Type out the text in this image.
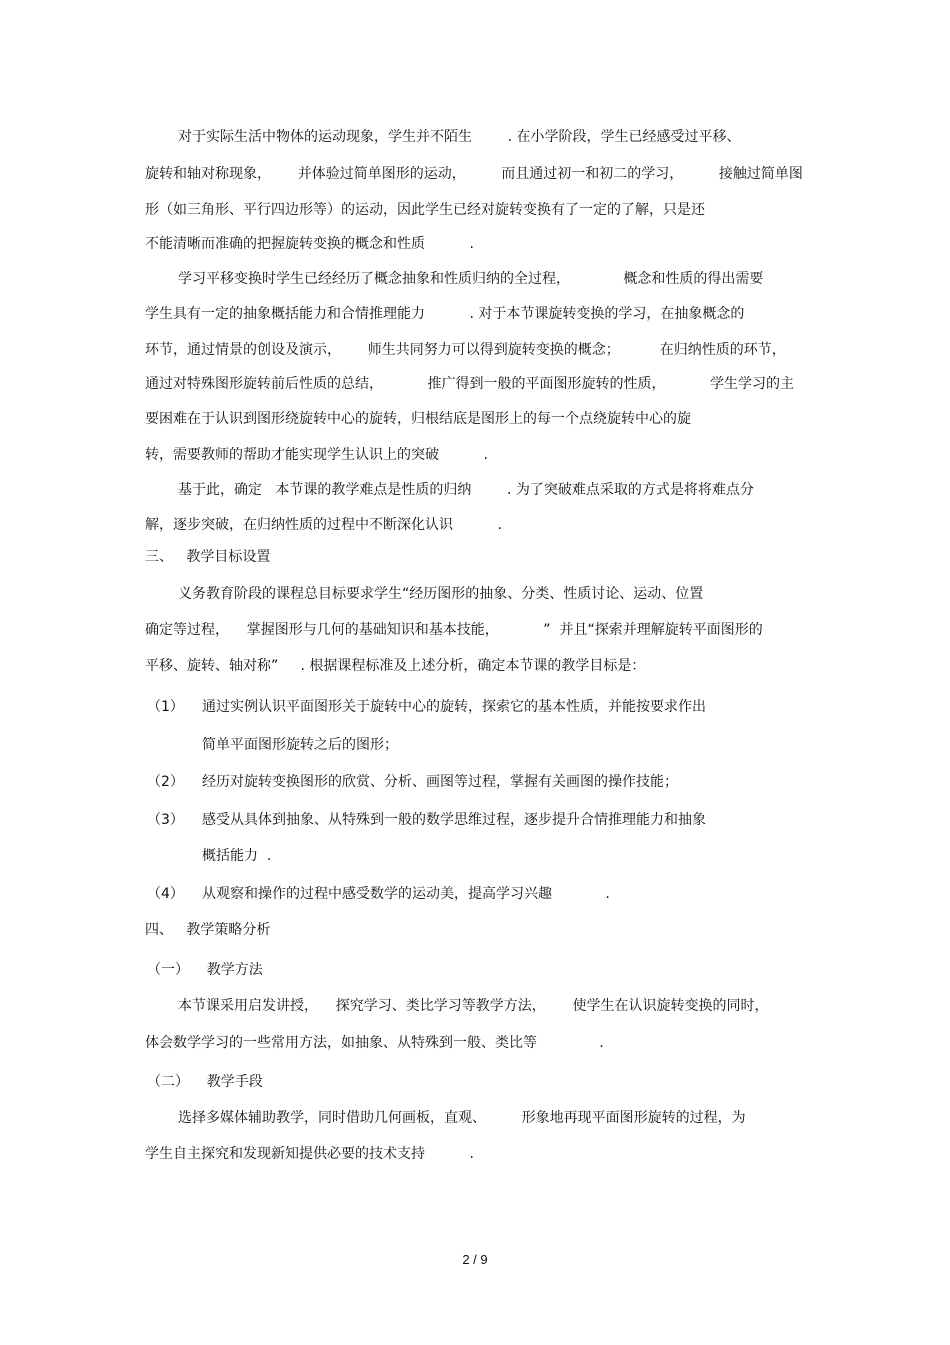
对于实际生活中物体的运动现象，学生并不陌生        . 在小学阶段，学生已经感受过平移、

旋转和轴对称现象，      并体验过简单图形的运动，        而且通过初一和初二的学习，        接触过简单图

形（如三角形、平行四边形等）的运动，因此学生已经对旋转变换有了一定的了解，只是还

不能清晰而准确的把握旋转变换的概念和性质          .

学习平移变换时学生已经经历了概念抽象和性质归纳的全过程，            概念和性质的得出需要

学生具有一定的抽象概括能力和合情推理能力          . 对于本节课旋转变换的学习，在抽象概念的

环节，通过情景的创设及演示，      师生共同努力可以得到旋转变换的概念；         在归纳性质的环节，

通过对特殊图形旋转前后性质的总结，          推广得到一般的平面图形旋转的性质，          学生学习的主

要困难在于认识到图形绕旋转中心的旋转，归根结底是图形上的每一个点绕旋转中心的旋

转，需要教师的帮助才能实现学生认识上的突破          .

基于此，确定   本节课的教学难点是性质的归纳        . 为了突破难点采取的方式是将将难点分

解，逐步突破，在归纳性质的过程中不断深化认识          .

三、   教学目标设置

义务教育阶段的课程总目标要求学生“经历图形的抽象、分类、性质讨论、运动、位置

确定等过程，    掌握图形与几何的基础知识和基本技能，          ”  并且“探索并理解旋转平面图形的

平移、旋转、轴对称”     . 根据课程标准及上述分析，确定本节课的教学目标是：

（1） 通过实例认识平面图形关于旋转中心的旋转，探索它的基本性质，并能按要求作出

简单平面图形旋转之后的图形；

（2） 经历对旋转变换图形的欣赏、分析、画图等过程，掌握有关画图的操作技能；

（3） 感受从具体到抽象、从特殊到一般的数学思维过程，逐步提升合情推理能力和抽象

概括能力  .

（4） 从观察和操作的过程中感受数学的运动美，提高学习兴趣            .

四、   教学策略分析

（一）    教学方法

本节课采用启发讲授，    探究学习、类比学习等教学方法，      使学生在认识旋转变换的同时，

体会数学学习的一些常用方法，如抽象、从特殊到一般、类比等              .

（二）    教学手段

选择多媒体辅助教学，同时借助几何画板，直观、        形象地再现平面图形旋转的过程，为

学生自主探究和发现新知提供必要的技术支持          .

2 / 9
